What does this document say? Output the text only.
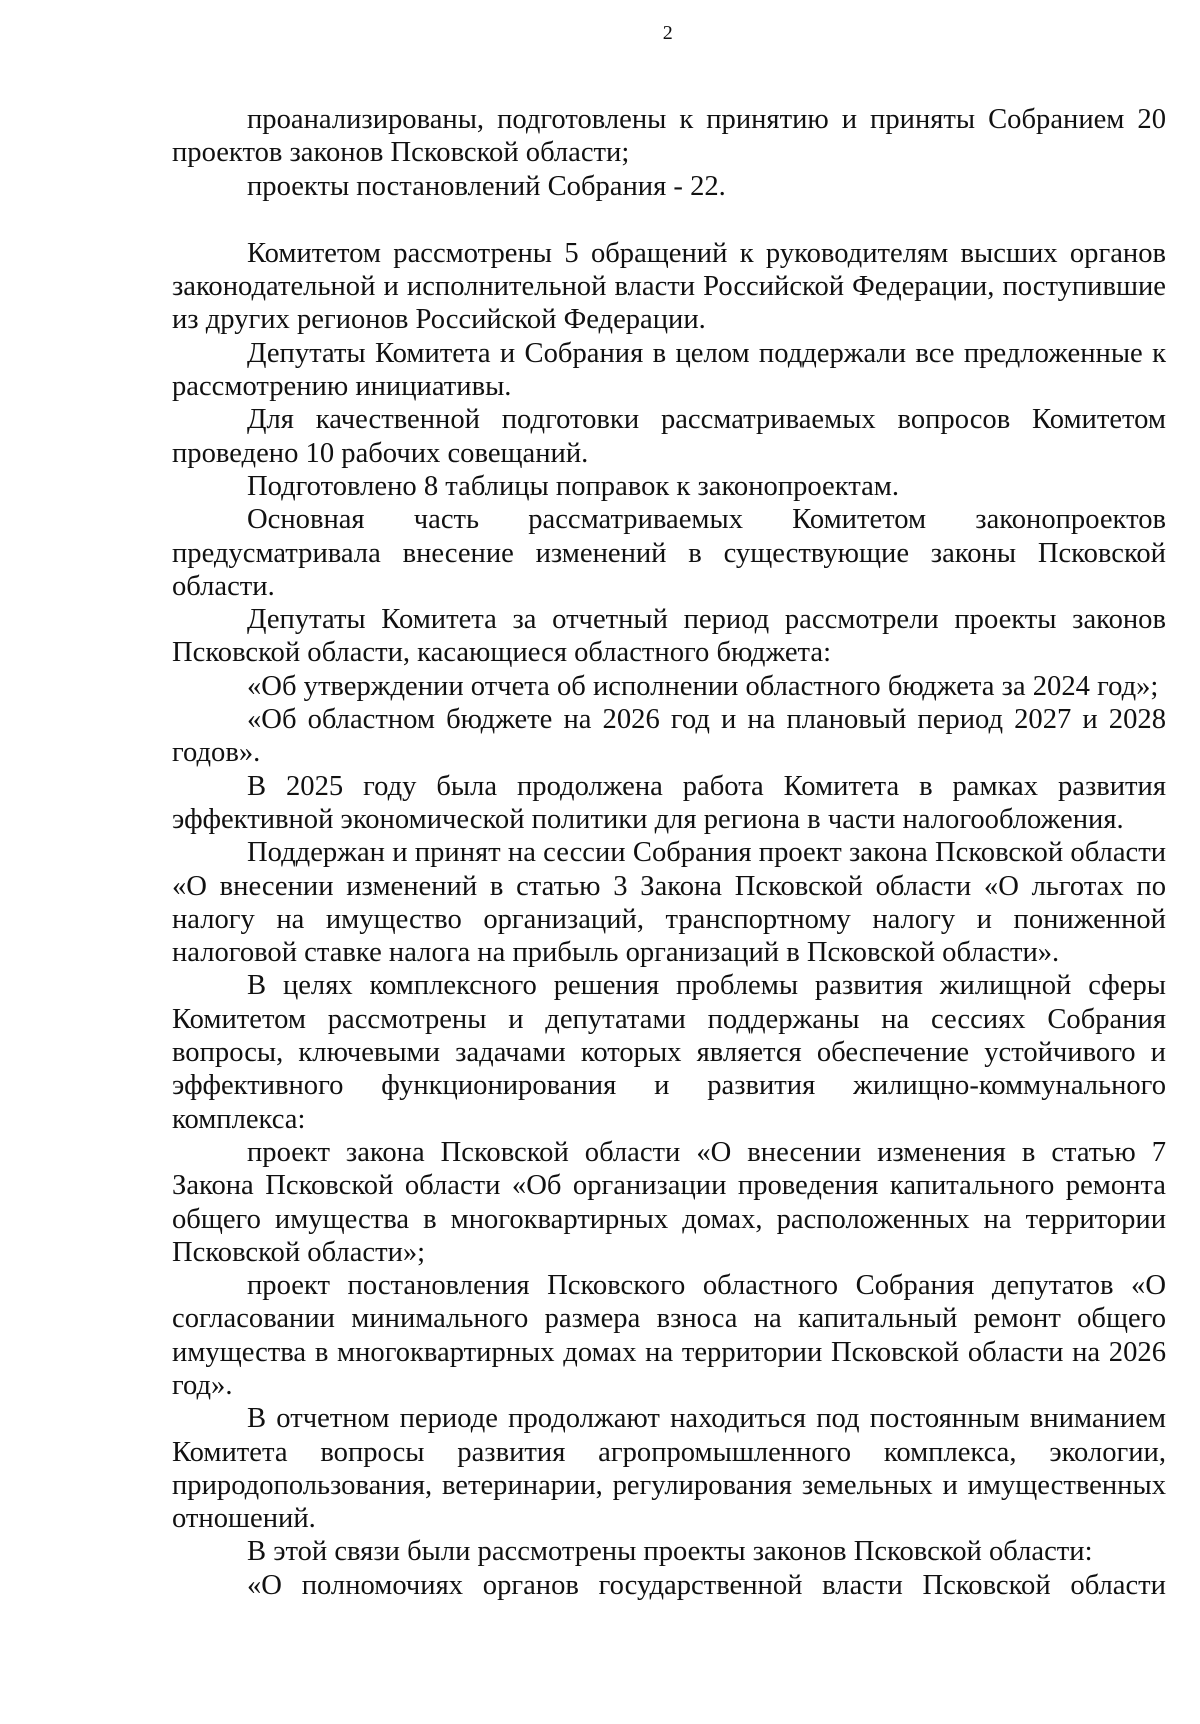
2

проанализированы, подготовлены к принятию и приняты Собранием 20 проектов законов Псковской области;

проекты постановлений Собрания - 22.

Комитетом рассмотрены 5 обращений к руководителям высших органов законодательной и исполнительной власти Российской Федерации, поступившие из других регионов Российской Федерации.

Депутаты Комитета и Собрания в целом поддержали все предложенные к рассмотрению инициативы.

Для качественной подготовки рассматриваемых вопросов Комитетом проведено 10 рабочих совещаний.

Подготовлено 8 таблицы поправок к законопроектам.

Основная часть рассматриваемых Комитетом законопроектов предусматривала внесение изменений в существующие законы Псковской области.

Депутаты Комитета за отчетный период рассмотрели проекты законов Псковской области, касающиеся областного бюджета:

«Об утверждении отчета об исполнении областного бюджета за 2024 год»;

«Об областном бюджете на 2026 год и на плановый период 2027 и 2028 годов».

В 2025 году была продолжена работа Комитета в рамках развития эффективной экономической политики для региона в части налогообложения.

Поддержан и принят на сессии Собрания проект закона Псковской области «О внесении изменений в статью 3 Закона Псковской области «О льготах по налогу на имущество организаций, транспортному налогу и пониженной налоговой ставке налога на прибыль организаций в Псковской области».

В целях комплексного решения проблемы развития жилищной сферы Комитетом рассмотрены и депутатами поддержаны на сессиях Собрания вопросы, ключевыми задачами которых является обеспечение устойчивого и эффективного функционирования и развития жилищно-коммунального комплекса:

проект закона Псковской области «О внесении изменения в статью 7 Закона Псковской области «Об организации проведения капитального ремонта общего имущества в многоквартирных домах, расположенных на территории Псковской области»;

проект постановления Псковского областного Собрания депутатов «О согласовании минимального размера взноса на капитальный ремонт общего имущества в многоквартирных домах на территории Псковской области на 2026 год».

В отчетном периоде продолжают находиться под постоянным вниманием Комитета вопросы развития агропромышленного комплекса, экологии, природопользования, ветеринарии, регулирования земельных и имущественных отношений.

В этой связи были рассмотрены проекты законов Псковской области:

«О полномочиях органов государственной власти Псковской области
